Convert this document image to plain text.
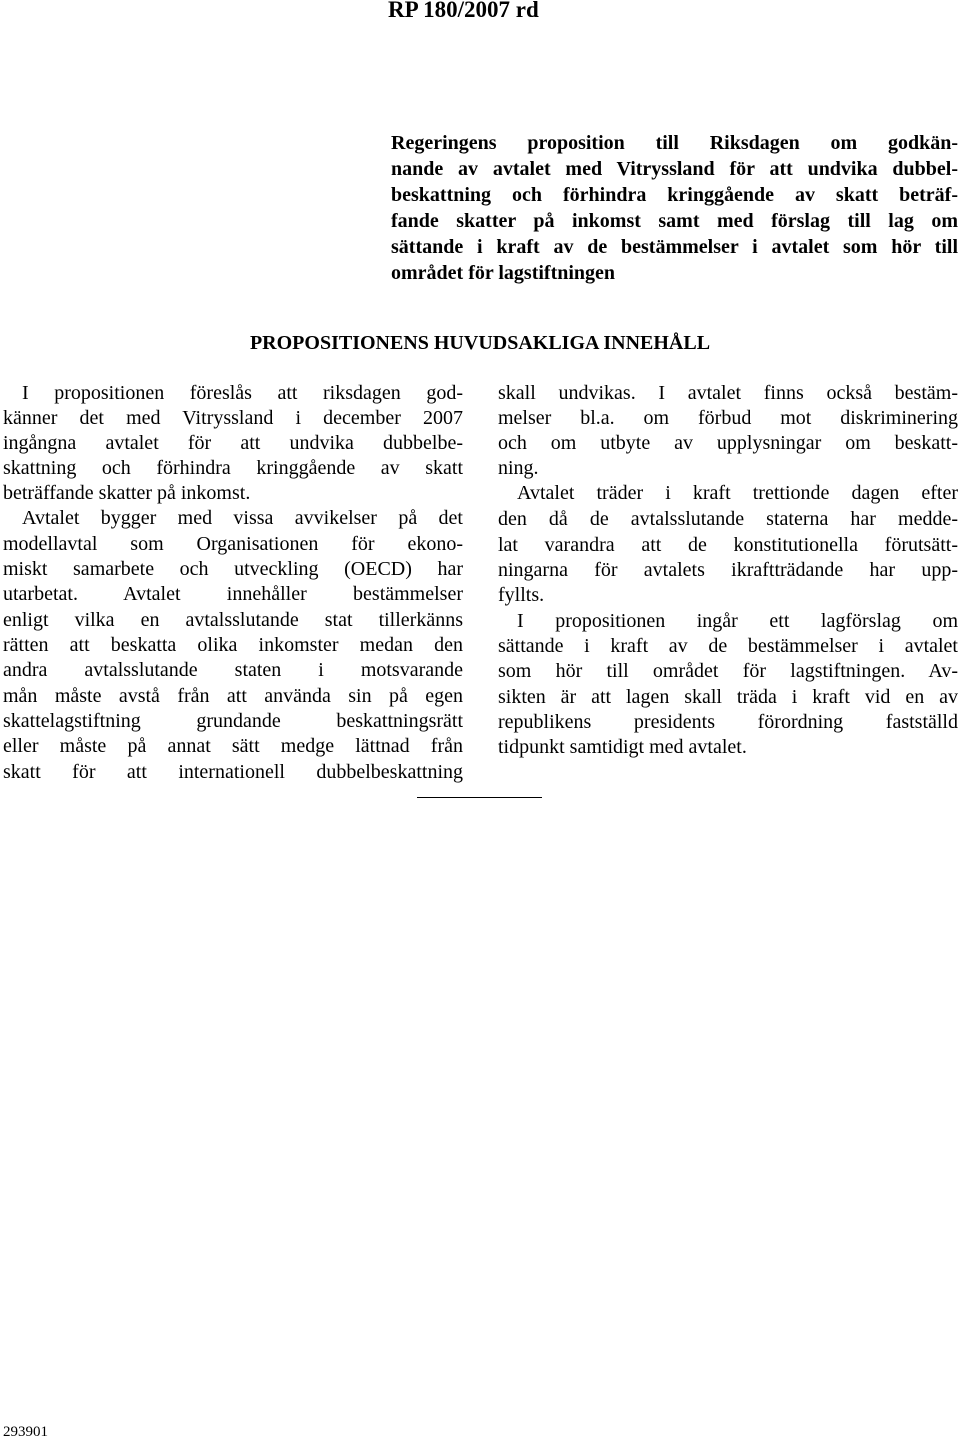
RP 180/2007 rd

Regeringens proposition till Riksdagen om godkän-

nande av avtalet med Vitryssland för att undvika dubbel-

beskattning och förhindra kringgående av skatt beträf-

fande skatter på inkomst samt med förslag till lag om

sättande i kraft av de bestämmelser i avtalet som hör till

området för lagstiftningen

PROPOSITIONENS HUVUDSAKLIGA INNEHÅLL

I propositionen föreslås att riksdagen god-

känner det med Vitryssland i december 2007

ingångna avtalet för att undvika dubbelbe-

skattning och förhindra kringgående av skatt

beträffande skatter på inkomst.

Avtalet bygger med vissa avvikelser på det

modellavtal som Organisationen för ekono-

miskt samarbete och utveckling (OECD) har

utarbetat. Avtalet innehåller bestämmelser

enligt vilka en avtalsslutande stat tillerkänns

rätten att beskatta olika inkomster medan den

andra avtalsslutande staten i motsvarande

mån måste avstå från att använda sin på egen

skattelagstiftning grundande beskattningsrätt

eller måste på annat sätt medge lättnad från

skatt för att internationell dubbelbeskattning

skall undvikas. I avtalet finns också bestäm-

melser bl.a. om förbud mot diskriminering

och om utbyte av upplysningar om beskatt-

ning.

Avtalet träder i kraft trettionde dagen efter

den då de avtalsslutande staterna har medde-

lat varandra att de konstitutionella förutsätt-

ningarna för avtalets ikraftträdande har upp-

fyllts.

I propositionen ingår ett lagförslag om

sättande i kraft av de bestämmelser i avtalet

som hör till området för lagstiftningen. Av-

sikten är att lagen skall träda i kraft vid en av

republikens presidents förordning fastställd

tidpunkt samtidigt med avtalet.

293901
